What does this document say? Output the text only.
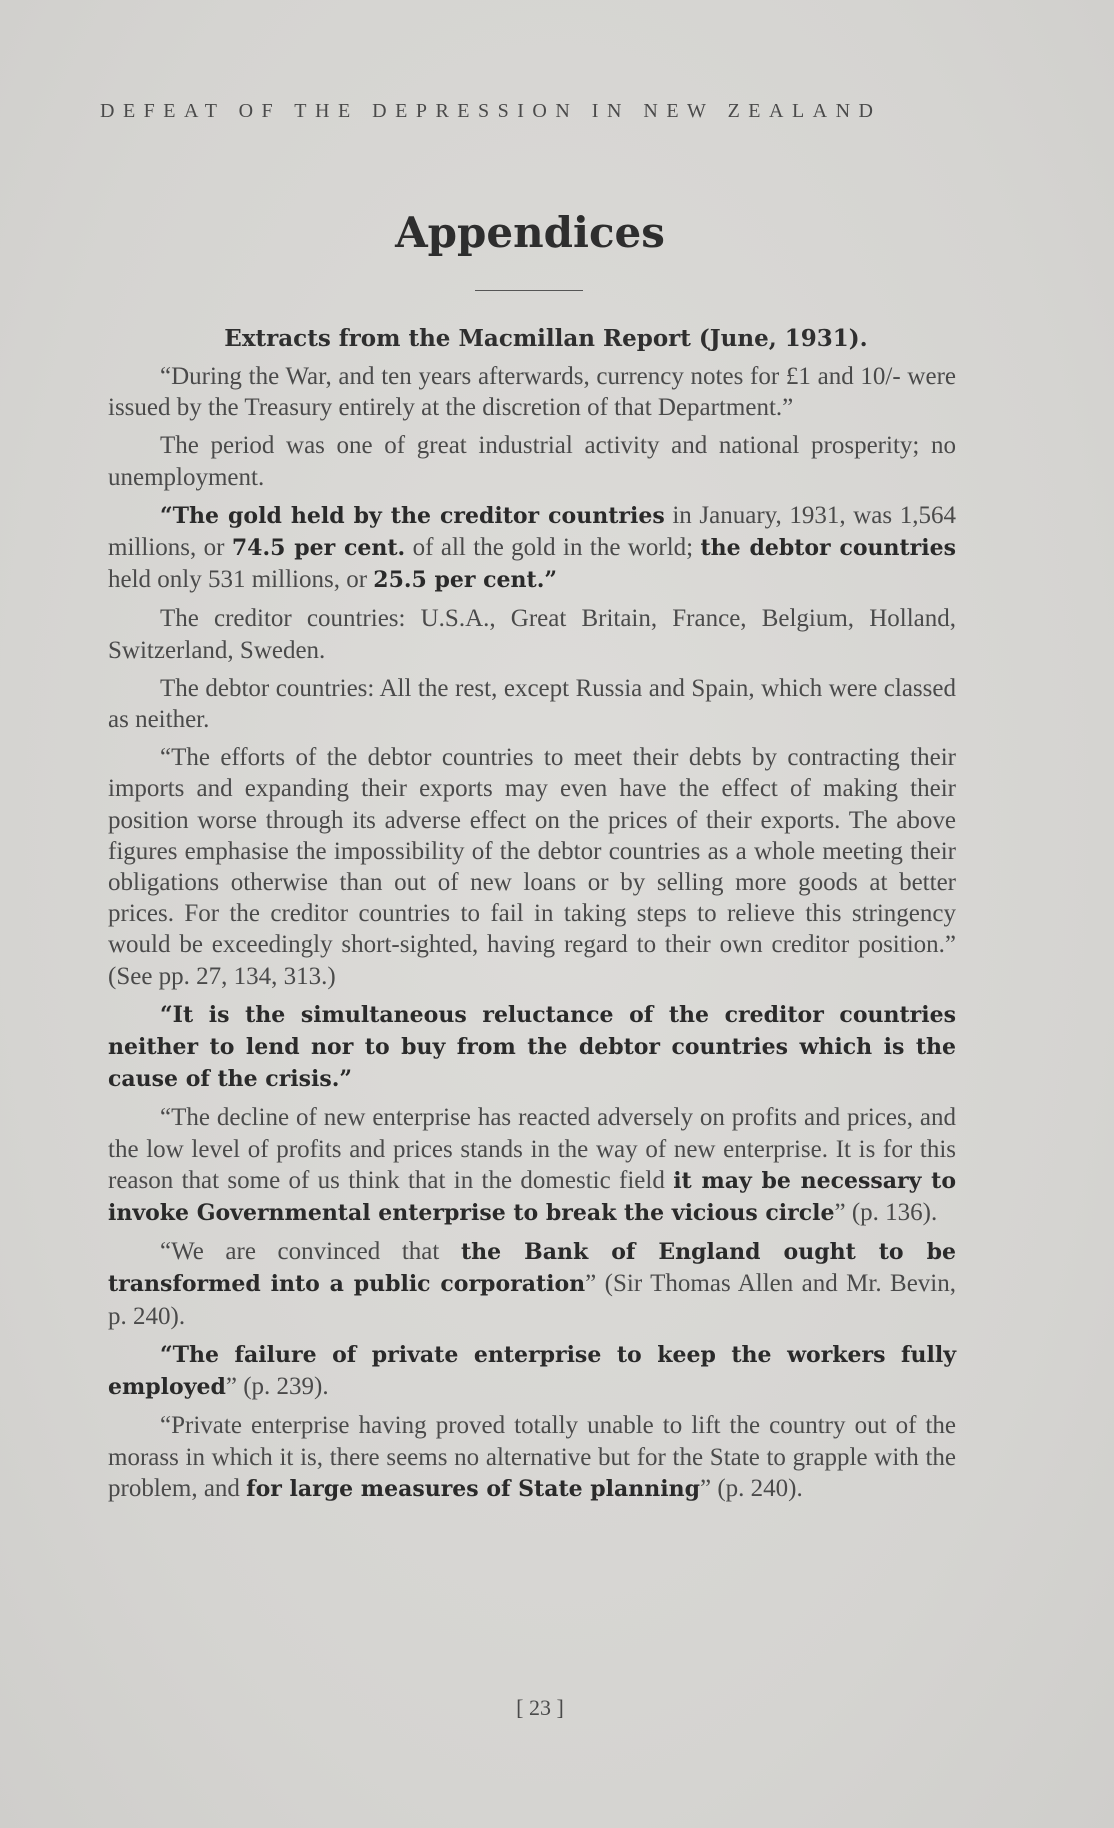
DEFEAT OF THE DEPRESSION IN NEW ZEALAND
Appendices
Extracts from the Macmillan Report (June, 1931).

“During the War, and ten years afterwards, currency notes for £1 and 10/- were issued by the Treasury entirely at the discretion of that Department.”

The period was one of great industrial activity and national prosperity; no unemployment.

“The gold held by the creditor countries in January, 1931, was 1,564 millions, or 74.5 per cent. of all the gold in the world; the debtor countries held only 531 millions, or 25.5 per cent.”

The creditor countries: U.S.A., Great Britain, France, Belgium, Holland, Switzerland, Sweden.

The debtor countries: All the rest, except Russia and Spain, which were classed as neither.

“The efforts of the debtor countries to meet their debts by contracting their imports and expanding their exports may even have the effect of making their position worse through its adverse effect on the prices of their exports. The above figures emphasise the impossibility of the debtor countries as a whole meeting their obligations otherwise than out of new loans or by selling more goods at better prices. For the creditor countries to fail in taking steps to relieve this stringency would be exceedingly short-sighted, having regard to their own creditor position.” (See pp. 27, 134, 313.)

“It is the simultaneous reluctance of the creditor countries neither to lend nor to buy from the debtor countries which is the cause of the crisis.”

“The decline of new enterprise has reacted adversely on profits and prices, and the low level of profits and prices stands in the way of new enterprise. It is for this reason that some of us think that in the domestic field it may be necessary to invoke Governmental enterprise to break the vicious circle” (p. 136).

“We are convinced that the Bank of England ought to be transformed into a public corporation” (Sir Thomas Allen and Mr. Bevin, p. 240).

“The failure of private enterprise to keep the workers fully employed” (p. 239).

“Private enterprise having proved totally unable to lift the country out of the morass in which it is, there seems no alternative but for the State to grapple with the problem, and for large measures of State planning” (p. 240).

[ 23 ]
